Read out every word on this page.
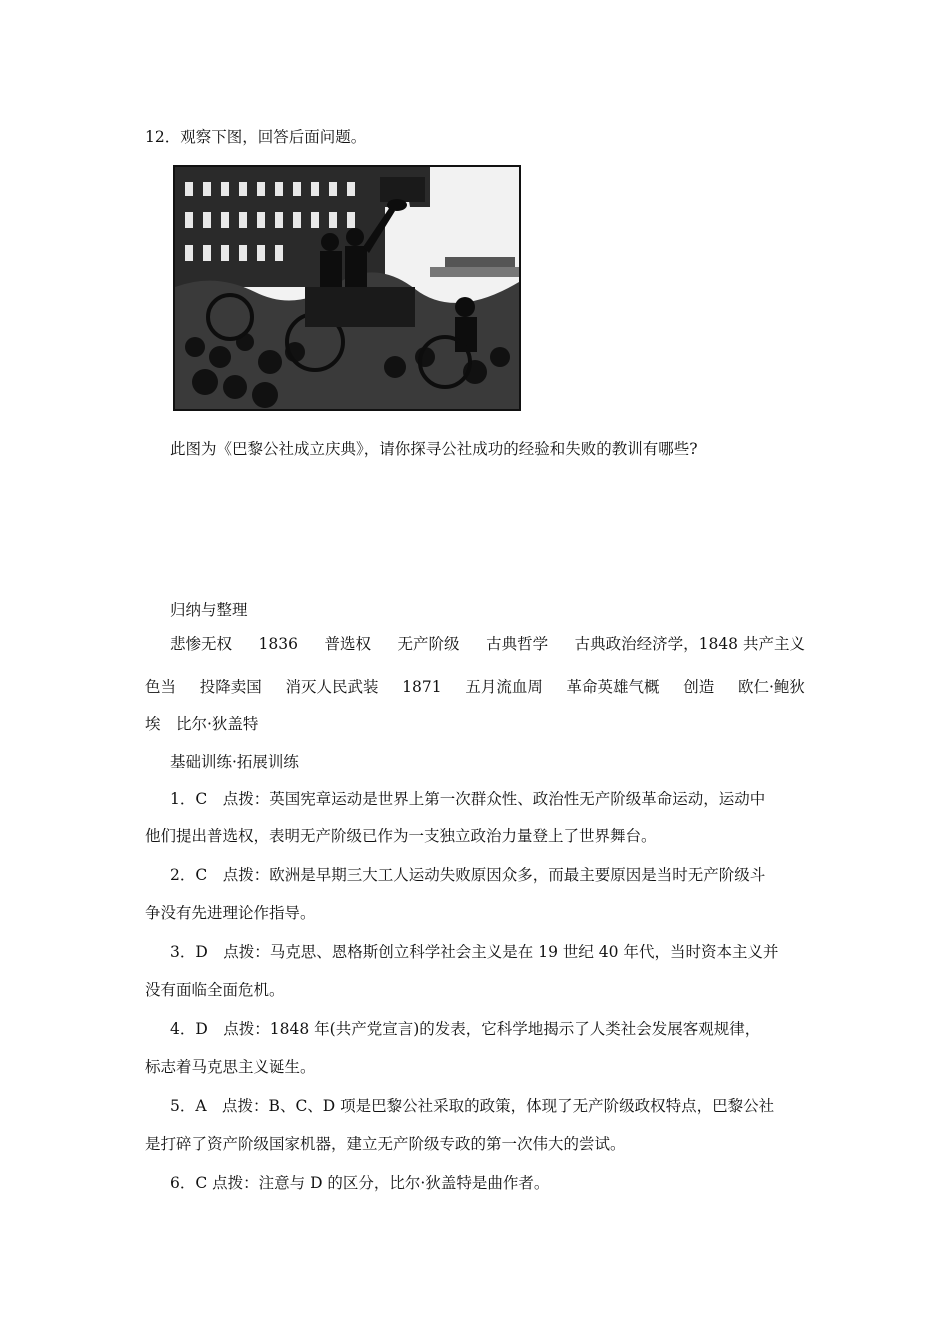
12．观察下图，回答后面问题。
此图为《巴黎公社成立庆典》，请你探寻公社成功的经验和失败的教训有哪些?
归纳与整理
悲惨无权 1836 普选权 无产阶级 古典哲学 古典政治经济学，1848 共产主义
色当 投降卖国 消灭人民武装 1871 五月流血周 革命英雄气概 创造 欧仁·鲍狄
埃　比尔·狄盖特
基础训练·拓展训练
1．C　点拨：英国宪章运动是世界上第一次群众性、政治性无产阶级革命运动，运动中
他们提出普选权，表明无产阶级已作为一支独立政治力量登上了世界舞台。
2．C　点拨：欧洲是早期三大工人运动失败原因众多，而最主要原因是当时无产阶级斗
争没有先进理论作指导。
3．D　点拨：马克思、恩格斯创立科学社会主义是在 19 世纪 40 年代，当时资本主义并
没有面临全面危机。
4．D　点拨：1848 年(共产党宣言)的发表，它科学地揭示了人类社会发展客观规律，
标志着马克思主义诞生。
5．A　点拨：B、C、D 项是巴黎公社采取的政策，体现了无产阶级政权特点，巴黎公社
是打碎了资产阶级国家机器，建立无产阶级专政的第一次伟大的尝试。
6．C 点拨：注意与 D 的区分，比尔·狄盖特是曲作者。
